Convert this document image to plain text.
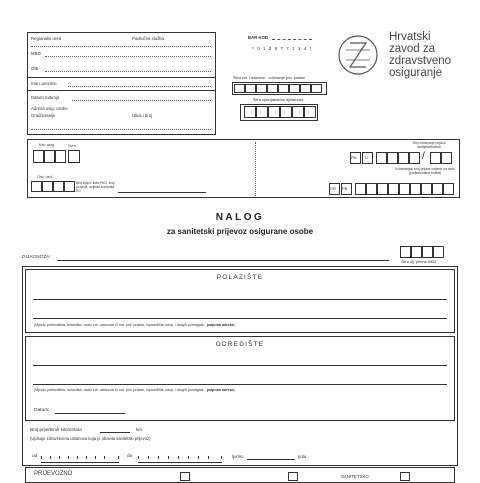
Regionalni ured	Područna služba
MBO
OIB
Ime i prezime
Datum rođenja
Adresa osig. osobe
Grad/naselje	Ulica i broj
BAR KOD
* 0 1 3 9 7 7 1 1 4 *
Šifra zdr. Ustanove - ordinacije priv. prakse
Šifra specijalističke djelatnosti
Hrvatski
zavod za
zdravstveno
osiguranje
Kat. osig.	Svrh
Ord. ozd.
Broj bolov. lista PKO, broj potvrde, ozljeda korisnika ZO
Broj evidencije prijava zahtjeva/bolesti
PN TJ	/
Evidencijski broj prijave ozljede na radu (profesionalna bolest)
OR PB
NALOG
za sanitetski prijevoz osigurane osobe
DIJAGNOZA:
Šifra dij. prema MKB
POLAZIŠTE
(Mjesto prebivališta, boravišta, naziv zdr. ustanove ili ord. priv. prakse, /spoređište ortop. i drugih pomagala - potpuna adresa)
ODREDIŠTE
(Mjesto prebivališta, boravišta, naziv zdr. ustanove ili ord. priv. prakse, /spoređište ortop. i drugih pomagala - potpuna adresa)
Datum:
Broj prijeđenih kilometara	km
(Upisuje zdravstvena ustanova koja je obavila sanitetski prijevoz)
od	do	tjedno	puta
PRIJEVOZNO	SANITETSKO
